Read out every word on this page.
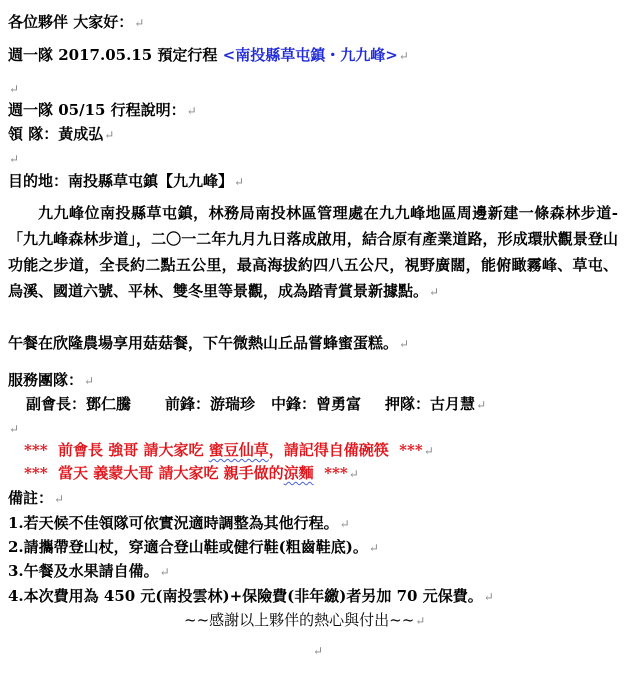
各位夥伴 大家好：↵
週一隊 2017.05.15 預定行程 <南投縣草屯鎮・九九峰>↵
↵
週一隊 05/15 行程說明：↵
領 隊：黃成弘↵
↵
目的地：南投縣草屯鎮【九九峰】↵
九九峰位南投縣草屯鎮，林務局南投林區管理處在九九峰地區周邊新建一條森林步道-「九九峰森林步道」，二〇一二年九月九日落成啟用，結合原有產業道路，形成環狀觀景登山功能之步道，全長約二點五公里，最高海拔約四八五公尺，視野廣闊，能俯瞰霧峰、草屯、烏溪、國道六號、平林、雙冬里等景觀，成為踏青賞景新據點。↵
午餐在欣隆農場享用菇菇餐，下午微熱山丘品嘗蜂蜜蛋糕。↵
服務團隊：↵
副會長：鄧仁騰 前鋒：游瑞珍 中鋒：曾勇富 押隊：古月慧↵
↵
*** 前會長 強哥 請大家吃 蜜豆仙草，請記得自備碗筷 ***↵
*** 當天 義蒙大哥 請大家吃 親手做的涼麵 ***↵
備註：↵
1.若天候不佳領隊可依實況適時調整為其他行程。↵
2.請攜帶登山杖，穿適合登山鞋或健行鞋(粗齒鞋底)。↵
3.午餐及水果請自備。↵
4.本次費用為 450 元(南投雲林)+保險費(非年繳)者另加 70 元保費。↵
~~感謝以上夥伴的熱心與付出~~↵
↵
